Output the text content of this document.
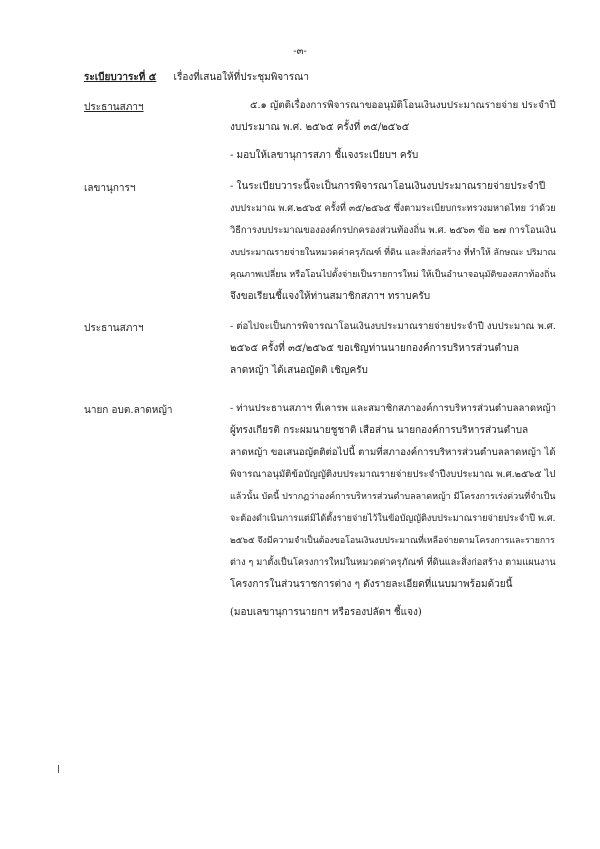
-๓-
ระเบียบวาระที่ ๕ เรื่องที่เสนอให้ที่ประชุมพิจารณา
ประธานสภาฯ	๕.๑ ญัตติเรื่องการพิจารณาขออนุมัติโอนเงินงบประมาณรายจ่าย ประจำปี
งบประมาณ พ.ศ. ๒๕๖๕ ครั้งที่ ๓๕/๒๕๖๕
- มอบให้เลขานุการสภา ชี้แจงระเบียบฯ ครับ
เลขานุการฯ	- ในระเบียบวาระนี้จะเป็นการพิจารณาโอนเงินงบประมาณรายจ่ายประจำปี
งบประมาณ พ.ศ.๒๕๖๕ ครั้งที่ ๓๕/๒๕๖๕ ซึ่งตามระเบียบกระทรวงมหาดไทย ว่าด้วย
วิธีการงบประมาณขององค์กรปกครองส่วนท้องถิ่น พ.ศ. ๒๕๖๓ ข้อ ๒๗ การโอนเงิน
งบประมาณรายจ่ายในหมวดค่าครุภัณฑ์ ที่ดิน และสิ่งก่อสร้าง ที่ทำให้ ลักษณะ ปริมาณ
คุณภาพเปลี่ยน หรือโอนไปตั้งจ่ายเป็นรายการใหม่ ให้เป็นอำนาจอนุมัติของสภาท้องถิ่น
จึงขอเรียนชี้แจงให้ท่านสมาชิกสภาฯ ทราบครับ
ประธานสภาฯ	- ต่อไปจะเป็นการพิจารณาโอนเงินงบประมาณรายจ่ายประจำปี งบประมาณ พ.ศ.
๒๕๖๕ ครั้งที่ ๓๕/๒๕๖๕ ขอเชิญท่านนายกองค์การบริหารส่วนตำบล
ลาดหญ้า ได้เสนอญัตติ เชิญครับ
นายก อบต.ลาดหญ้า	- ท่านประธานสภาฯ ที่เคารพ และสมาชิกสภาองค์การบริหารส่วนตำบลลาดหญ้า
ผู้ทรงเกียรติ กระผมนายชูชาติ เสือส่าน นายกองค์การบริหารส่วนตำบล
ลาดหญ้า ขอเสนอญัตติต่อไปนี้ ตามที่สภาองค์การบริหารส่วนตำบลลาดหญ้า ได้
พิจารณาอนุมัติข้อบัญญัติงบประมาณรายจ่ายประจำปีงบประมาณ พ.ศ.๒๕๖๕ ไป
แล้วนั้น บัดนี้ ปรากฏว่าองค์การบริหารส่วนตำบลลาดหญ้า มีโครงการเร่งด่วนที่จำเป็น
จะต้องดำเนินการแต่มิได้ตั้งรายจ่ายไว้ในข้อบัญญัติงบประมาณรายจ่ายประจำปี พ.ศ.
๒๕๖๕ จึงมีความจำเป็นต้องขอโอนเงินงบประมาณที่เหลือจ่ายตามโครงการและรายการ
ต่าง ๆ มาตั้งเป็นโครงการใหม่ในหมวดค่าครุภัณฑ์ ที่ดินและสิ่งก่อสร้าง ตามแผนงาน
โครงการในส่วนราชการต่าง ๆ ดังรายละเอียดที่แนบมาพร้อมด้วยนี้
(มอบเลขานุการนายกฯ หรือรองปลัดฯ ชี้แจง)
